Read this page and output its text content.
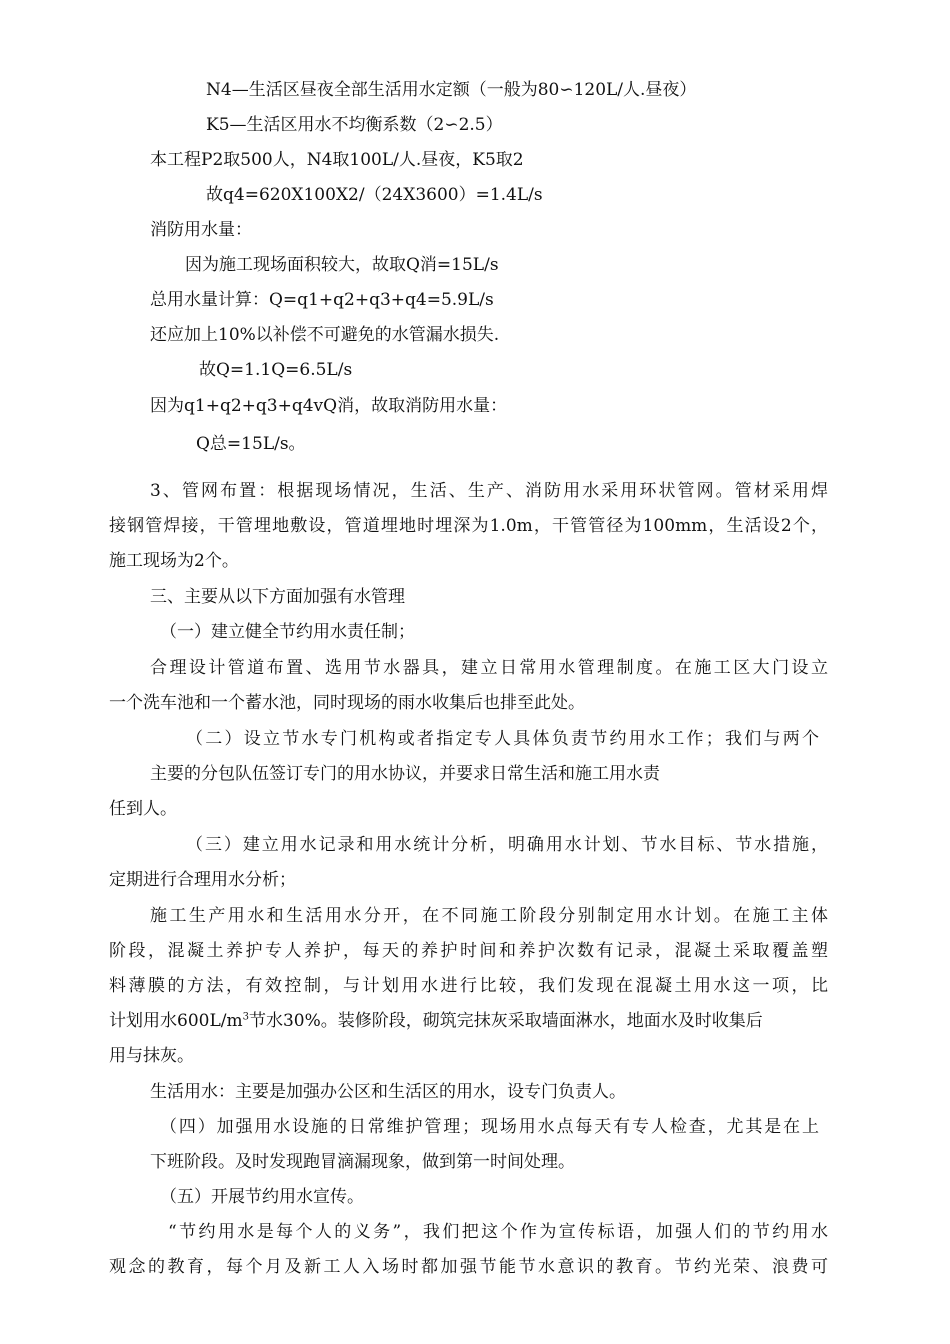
N4—生活区昼夜全部生活用水定额（一般为80∽120L/人.昼夜）
K5—生活区用水不均衡系数（2∽2.5）
本工程P2取500人，N4取100L/人.昼夜，K5取2
故q4=620X100X2/（24X3600）=1.4L/s
消防用水量：
因为施工现场面积较大，故取Q消=15L/s
总用水量计算：Q=q1+q2+q3+q4=5.9L/s
还应加上10%以补偿不可避免的水管漏水损失.
故Q=1.1Q=6.5L/s
因为q1+q2+q3+q4vQ消，故取消防用水量：
Q总=15L/s。
3、管网布置：根据现场情况，生活、生产、消防用水采用环状管网。管材采用焊
接钢管焊接，干管埋地敷设，管道埋地时埋深为1.0m，干管管径为100mm，生活设2个，
施工现场为2个。
三、主要从以下方面加强有水管理
（一）建立健全节约用水责任制；
合理设计管道布置、选用节水器具，建立日常用水管理制度。在施工区大门设立
一个洗车池和一个蓄水池，同时现场的雨水收集后也排至此处。
（二）设立节水专门机构或者指定专人具体负责节约用水工作；我们与两个
主要的分包队伍签订专门的用水协议，并要求日常生活和施工用水责
任到人。
（三）建立用水记录和用水统计分析，明确用水计划、节水目标、节水措施，
定期进行合理用水分析；
施工生产用水和生活用水分开，在不同施工阶段分别制定用水计划。在施工主体
阶段，混凝土养护专人养护，每天的养护时间和养护次数有记录，混凝土采取覆盖塑
料薄膜的方法，有效控制，与计划用水进行比较，我们发现在混凝土用水这一项，比
计划用水$600L/m^3$节水30%。装修阶段，砌筑完抹灰采取墙面淋水，地面水及时收集后
用与抹灰。
生活用水：主要是加强办公区和生活区的用水，设专门负责人。
（四）加强用水设施的日常维护管理；现场用水点每天有专人检查，尤其是在上
下班阶段。及时发现跑冒滴漏现象，做到第一时间处理。
（五）开展节约用水宣传。
“节约用水是每个人的义务”，我们把这个作为宣传标语，加强人们的节约用水
观念的教育，每个月及新工人入场时都加强节能节水意识的教育。节约光荣、浪费可
